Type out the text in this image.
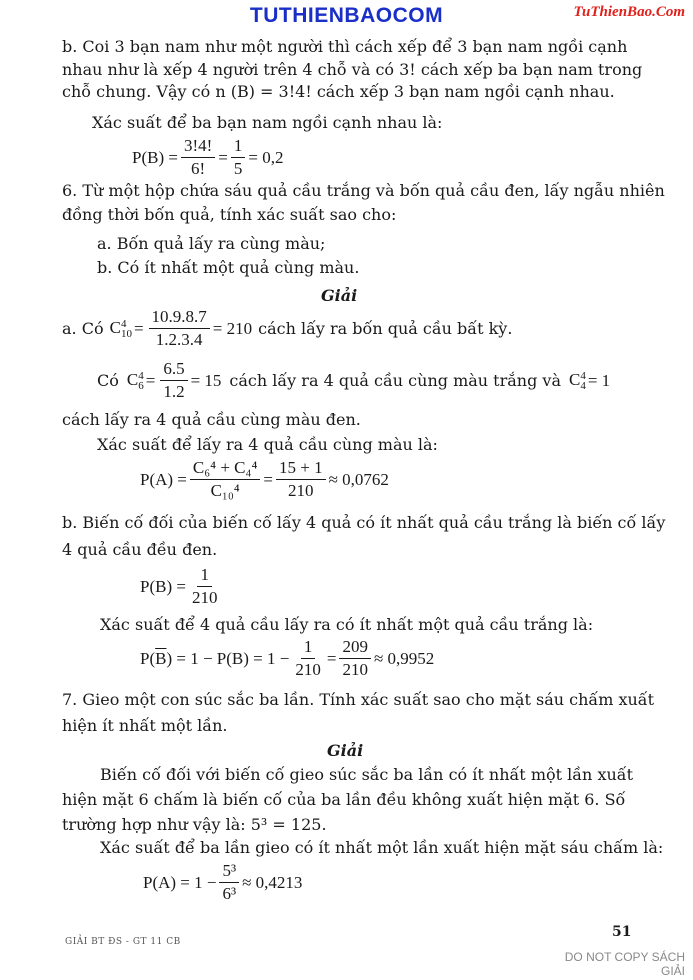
TUTHIENBAOCOM	TuThienBao.Com
b. Coi 3 bạn nam như một người thì cách xếp để 3 bạn nam ngồi cạnh
nhau như là xếp 4 người trên 4 chỗ và có 3! cách xếp ba bạn nam trong
chỗ chung. Vậy có n (B) = 3!4! cách xếp 3 bạn nam ngồi cạnh nhau.
Xác suất để ba bạn nam ngồi cạnh nhau là:
$P(B) = \frac{3!4!}{6!} = \frac{1}{5} = 0,2$
6. Từ một hộp chứa sáu quả cầu trắng và bốn quả cầu đen, lấy ngẫu nhiên
đồng thời bốn quả, tính xác suất sao cho:
a. Bốn quả lấy ra cùng màu;
b. Có ít nhất một quả cùng màu.
Giải
a. Có C 4
$10 = \frac{10.9.8.7}{1.2.3.4} = 210$ cách lấy ra bốn quả cầu bất kỳ.
Có C 4
$6 = \frac{6.5}{1.2} = 15$ cách lấy ra 4 quả cầu cùng màu trắng và C 4
4 = 1
cách lấy ra 4 quả cầu cùng màu đen.
Xác suất để lấy ra 4 quả cầu cùng màu là:
$P(A) = \frac{\text{C₆⁴ + C₄⁴}}{\text{C₁₀⁴}} = \frac{15 + 1}{210} \approx 0,0762$
b. Biến cố đối của biến cố lấy 4 quả có ít nhất quả cầu trắng là biến cố lấy
4 quả cầu đều đen.
$P(B) = \frac{1}{210}$
Xác suất để 4 quả cầu lấy ra có ít nhất một quả cầu trắng là:
P( $\overline{B}$ ) = $1 - P(B) = 1 - \frac{1}{210} = \frac{209}{210} \approx 0,9952$
7. Gieo một con súc sắc ba lần. Tính xác suất sao cho mặt sáu chấm xuất
hiện ít nhất một lần.
Giải
Biến cố đối với biến cố gieo súc sắc ba lần có ít nhất một lần xuất
hiện mặt 6 chấm là biến cố của ba lần đều không xuất hiện mặt 6. Số
trường hợp như vậy là: 5³ = 125.
Xác suất để ba lần gieo có ít nhất một lần xuất hiện mặt sáu chấm là:
$P(A) = 1 - \frac{\text{5³}}{\text{6³}} \approx 0,4213$
51
GIẢI BT ĐS - GT 11 CB
DO NOT COPY SÁCH GIẢI
